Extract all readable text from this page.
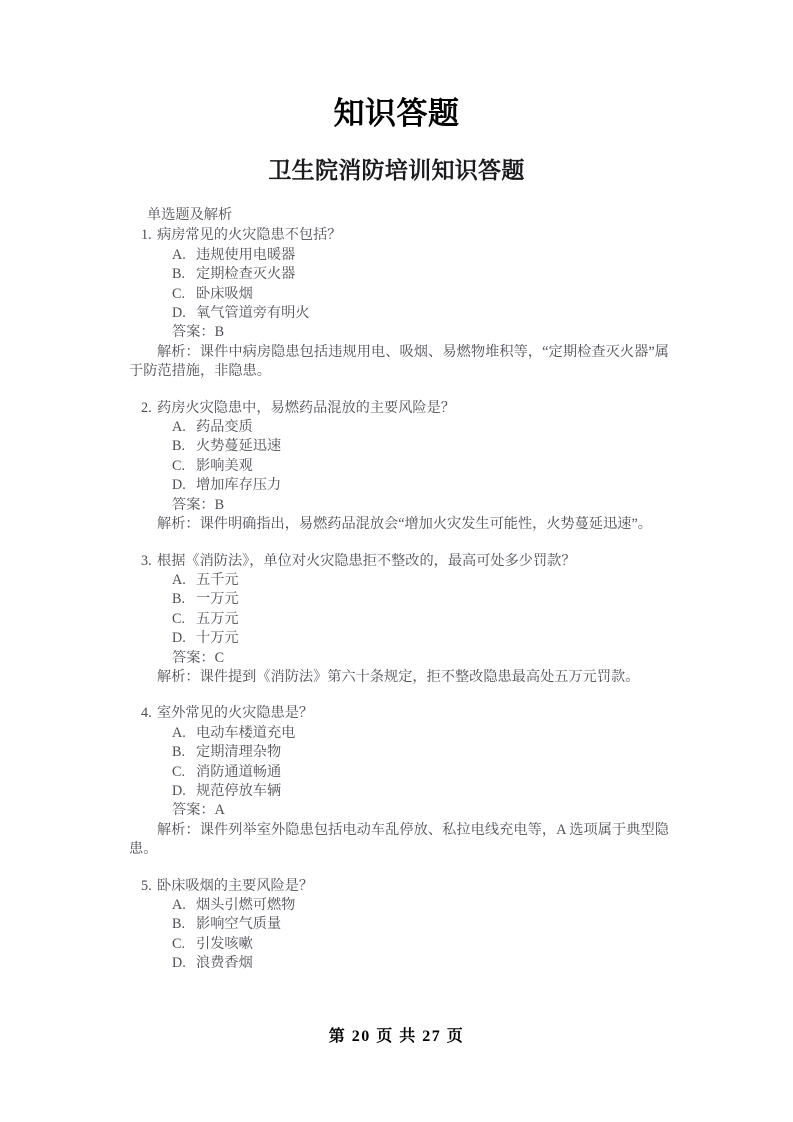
知识答题
卫生院消防培训知识答题
单选题及解析
1. 病房常见的火灾隐患不包括？
A. 违规使用电暖器
B. 定期检查灭火器
C. 卧床吸烟
D. 氧气管道旁有明火
答案：B
解析：课件中病房隐患包括违规用电、吸烟、易燃物堆积等，“定期检查灭火器”属于防范措施，非隐患。
2. 药房火灾隐患中，易燃药品混放的主要风险是？
A. 药品变质
B. 火势蔓延迅速
C. 影响美观
D. 增加库存压力
答案：B
解析：课件明确指出，易燃药品混放会“增加火灾发生可能性，火势蔓延迅速”。
3. 根据《消防法》，单位对火灾隐患拒不整改的，最高可处多少罚款？
A. 五千元
B. 一万元
C. 五万元
D. 十万元
答案：C
解析：课件提到《消防法》第六十条规定，拒不整改隐患最高处五万元罚款。
4. 室外常见的火灾隐患是？
A. 电动车楼道充电
B. 定期清理杂物
C. 消防通道畅通
D. 规范停放车辆
答案：A
解析：课件列举室外隐患包括电动车乱停放、私拉电线充电等，A 选项属于典型隐患。
5. 卧床吸烟的主要风险是？
A. 烟头引燃可燃物
B. 影响空气质量
C. 引发咳嗽
D. 浪费香烟
第 20 页 共 27 页
